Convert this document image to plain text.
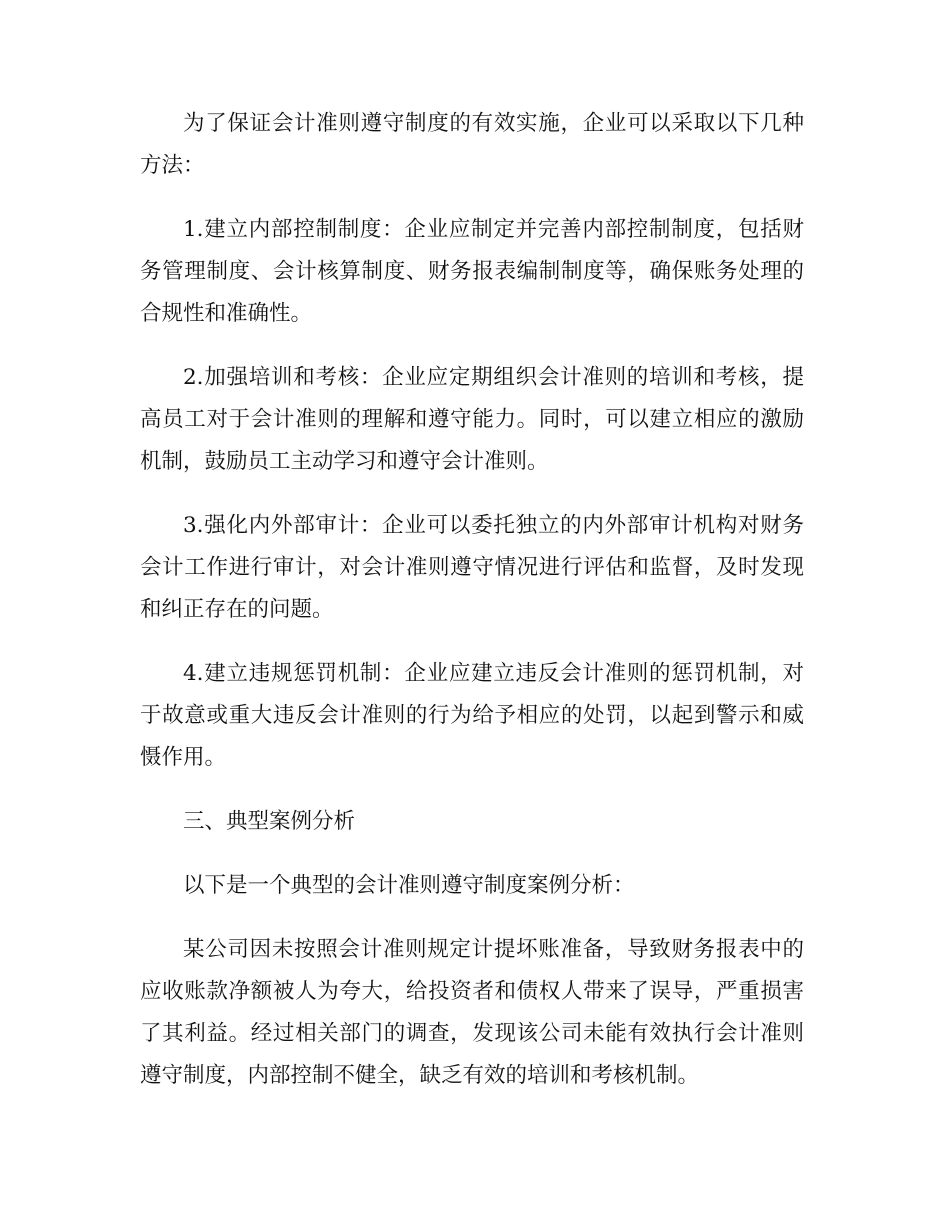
为了保证会计准则遵守制度的有效实施，企业可以采取以下几种方法：

1.建立内部控制制度：企业应制定并完善内部控制制度，包括财务管理制度、会计核算制度、财务报表编制制度等，确保账务处理的合规性和准确性。

2.加强培训和考核：企业应定期组织会计准则的培训和考核，提高员工对于会计准则的理解和遵守能力。同时，可以建立相应的激励机制，鼓励员工主动学习和遵守会计准则。

3.强化内外部审计：企业可以委托独立的内外部审计机构对财务会计工作进行审计，对会计准则遵守情况进行评估和监督，及时发现和纠正存在的问题。

4.建立违规惩罚机制：企业应建立违反会计准则的惩罚机制，对于故意或重大违反会计准则的行为给予相应的处罚，以起到警示和威慑作用。

三、典型案例分析

以下是一个典型的会计准则遵守制度案例分析：

某公司因未按照会计准则规定计提坏账准备，导致财务报表中的应收账款净额被人为夸大，给投资者和债权人带来了误导，严重损害了其利益。经过相关部门的调查，发现该公司未能有效执行会计准则遵守制度，内部控制不健全，缺乏有效的培训和考核机制。
